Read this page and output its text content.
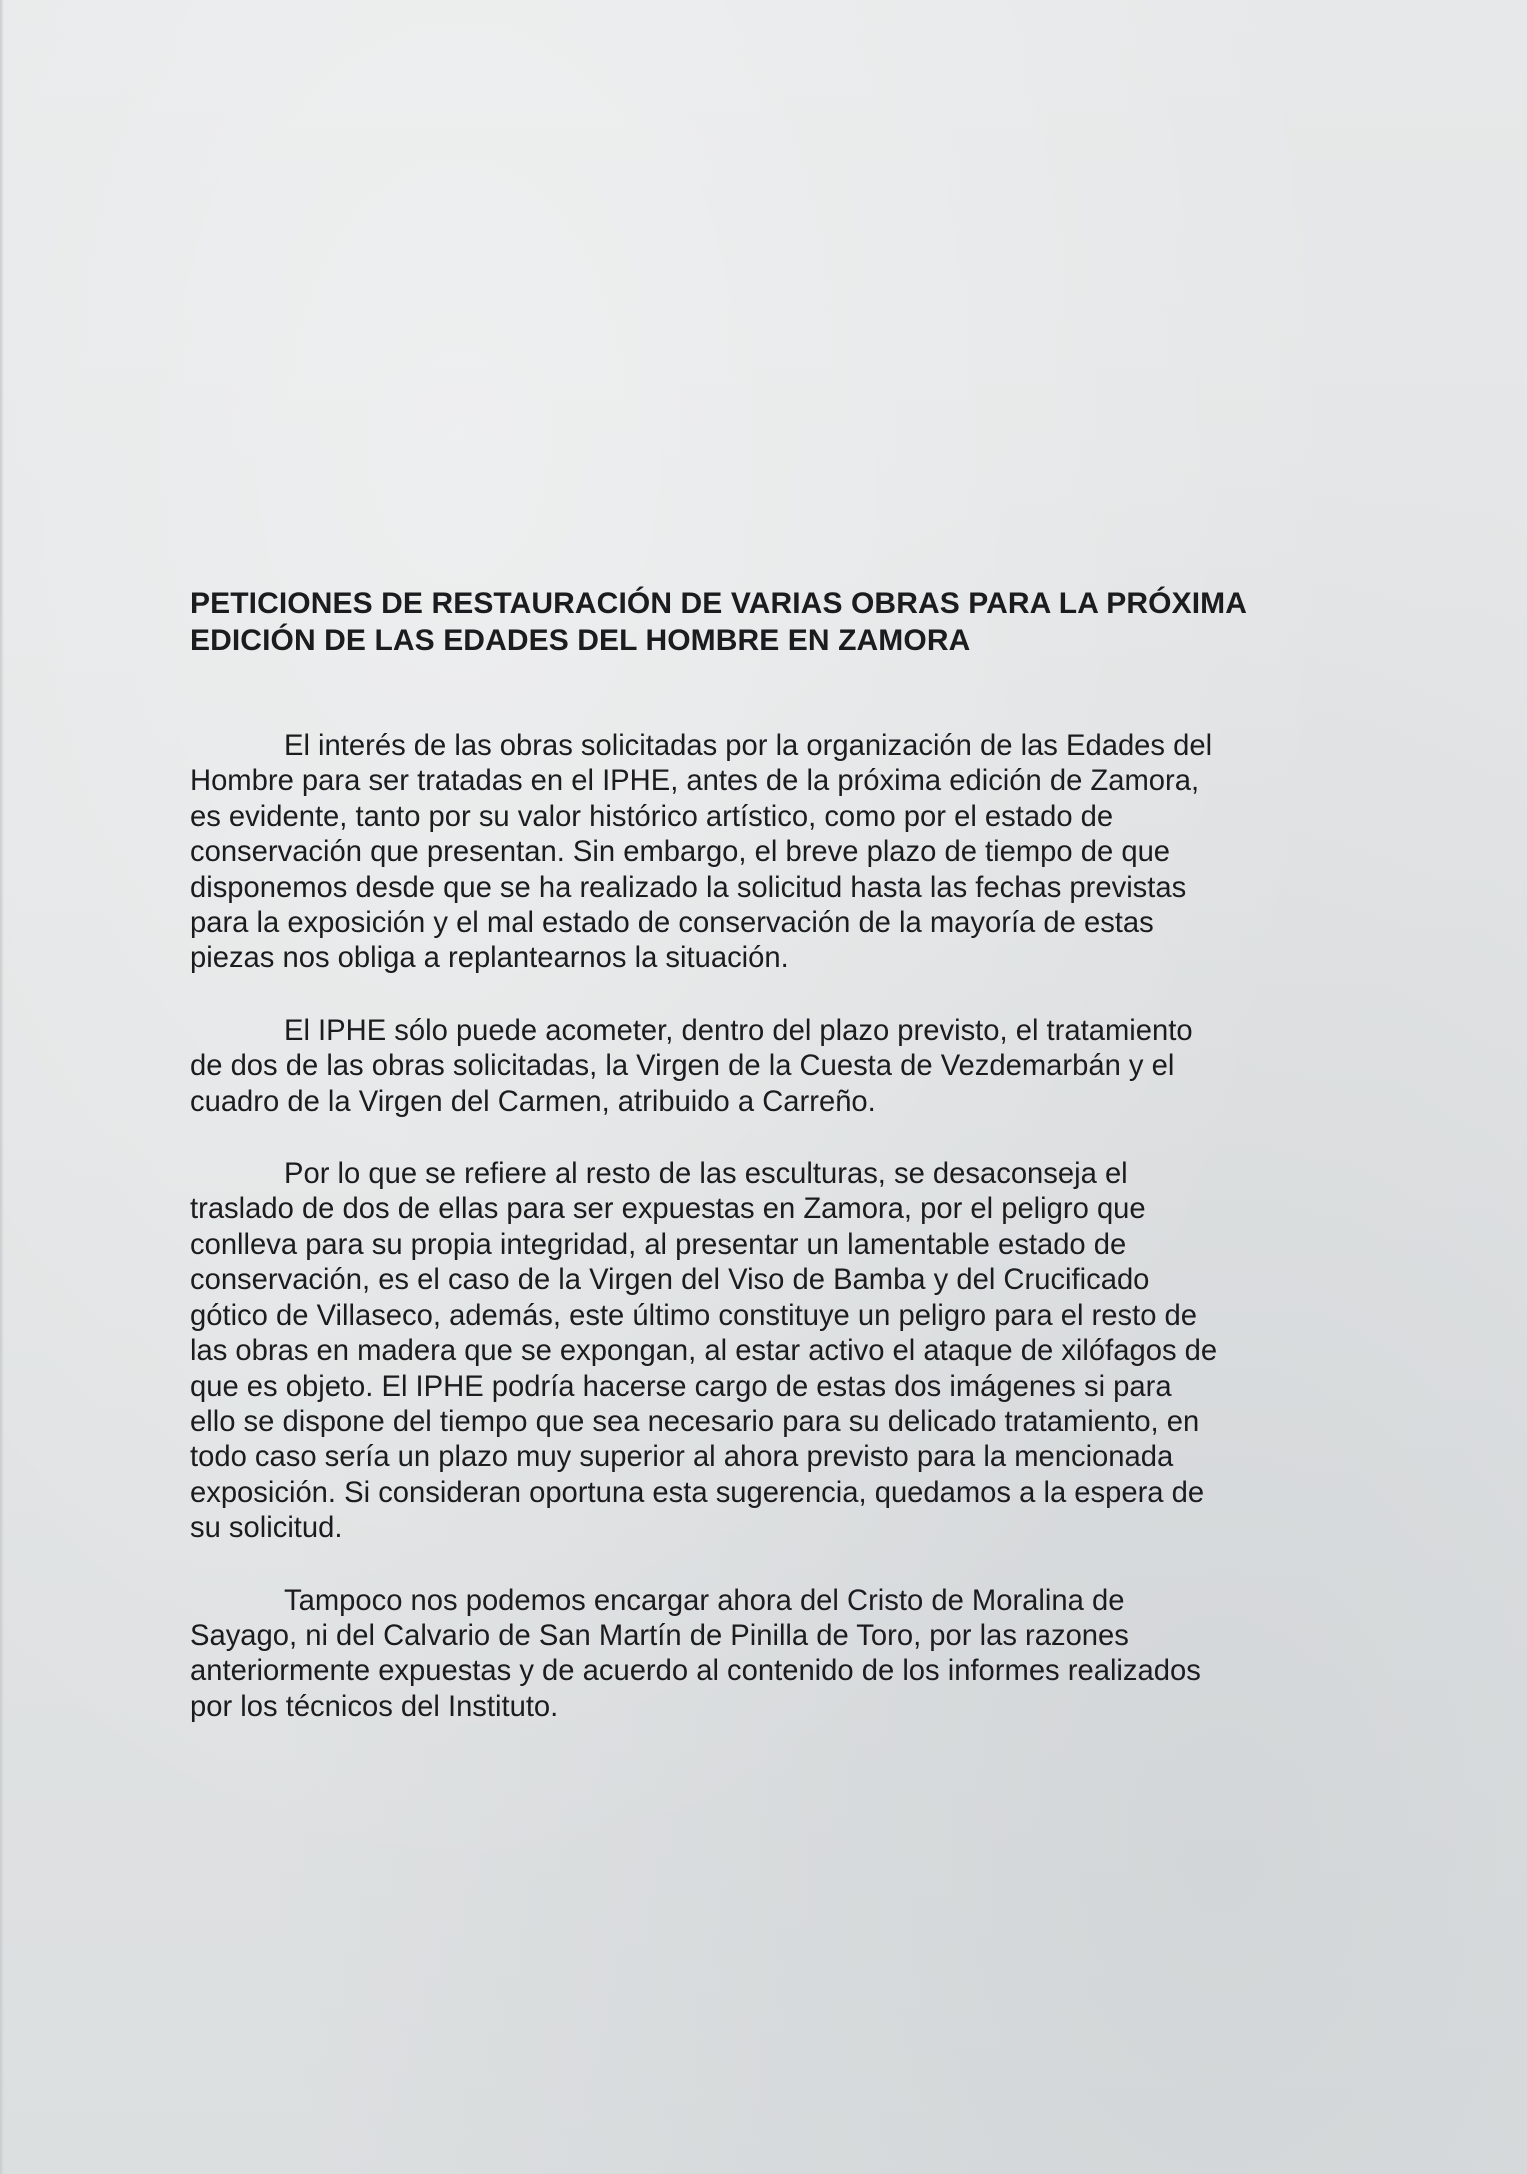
PETICIONES DE RESTAURACIÓN DE VARIAS OBRAS PARA LA PRÓXIMA
EDICIÓN DE LAS EDADES DEL HOMBRE EN ZAMORA

El interés de las obras solicitadas por la organización de las Edades del
Hombre para ser tratadas en el IPHE, antes de la próxima edición de Zamora,
es evidente, tanto por su valor histórico artístico, como por el estado de
conservación que presentan. Sin embargo, el breve plazo de tiempo de que
disponemos desde que se ha realizado la solicitud hasta las fechas previstas
para la exposición y el mal estado de conservación de la mayoría de estas
piezas nos obliga a replantearnos la situación.

El IPHE sólo puede acometer, dentro del plazo previsto, el tratamiento
de dos de las obras solicitadas, la Virgen de la Cuesta de Vezdemarbán y el
cuadro de la Virgen del Carmen, atribuido a Carreño.

Por lo que se refiere al resto de las esculturas, se desaconseja el
traslado de dos de ellas para ser expuestas en Zamora, por el peligro que
conlleva para su propia integridad, al presentar un lamentable estado de
conservación, es el caso de la Virgen del Viso de Bamba y del Crucificado
gótico de Villaseco, además, este último constituye un peligro para el resto de
las obras en madera que se expongan, al estar activo el ataque de xilófagos de
que es objeto. El IPHE podría hacerse cargo de estas dos imágenes si para
ello se dispone del tiempo que sea necesario para su delicado tratamiento, en
todo caso sería un plazo muy superior al ahora previsto para la mencionada
exposición. Si consideran oportuna esta sugerencia, quedamos a la espera de
su solicitud.

Tampoco nos podemos encargar ahora del Cristo de Moralina de
Sayago, ni del Calvario de San Martín de Pinilla de Toro, por las razones
anteriormente expuestas y de acuerdo al contenido de los informes realizados
por los técnicos del Instituto.
